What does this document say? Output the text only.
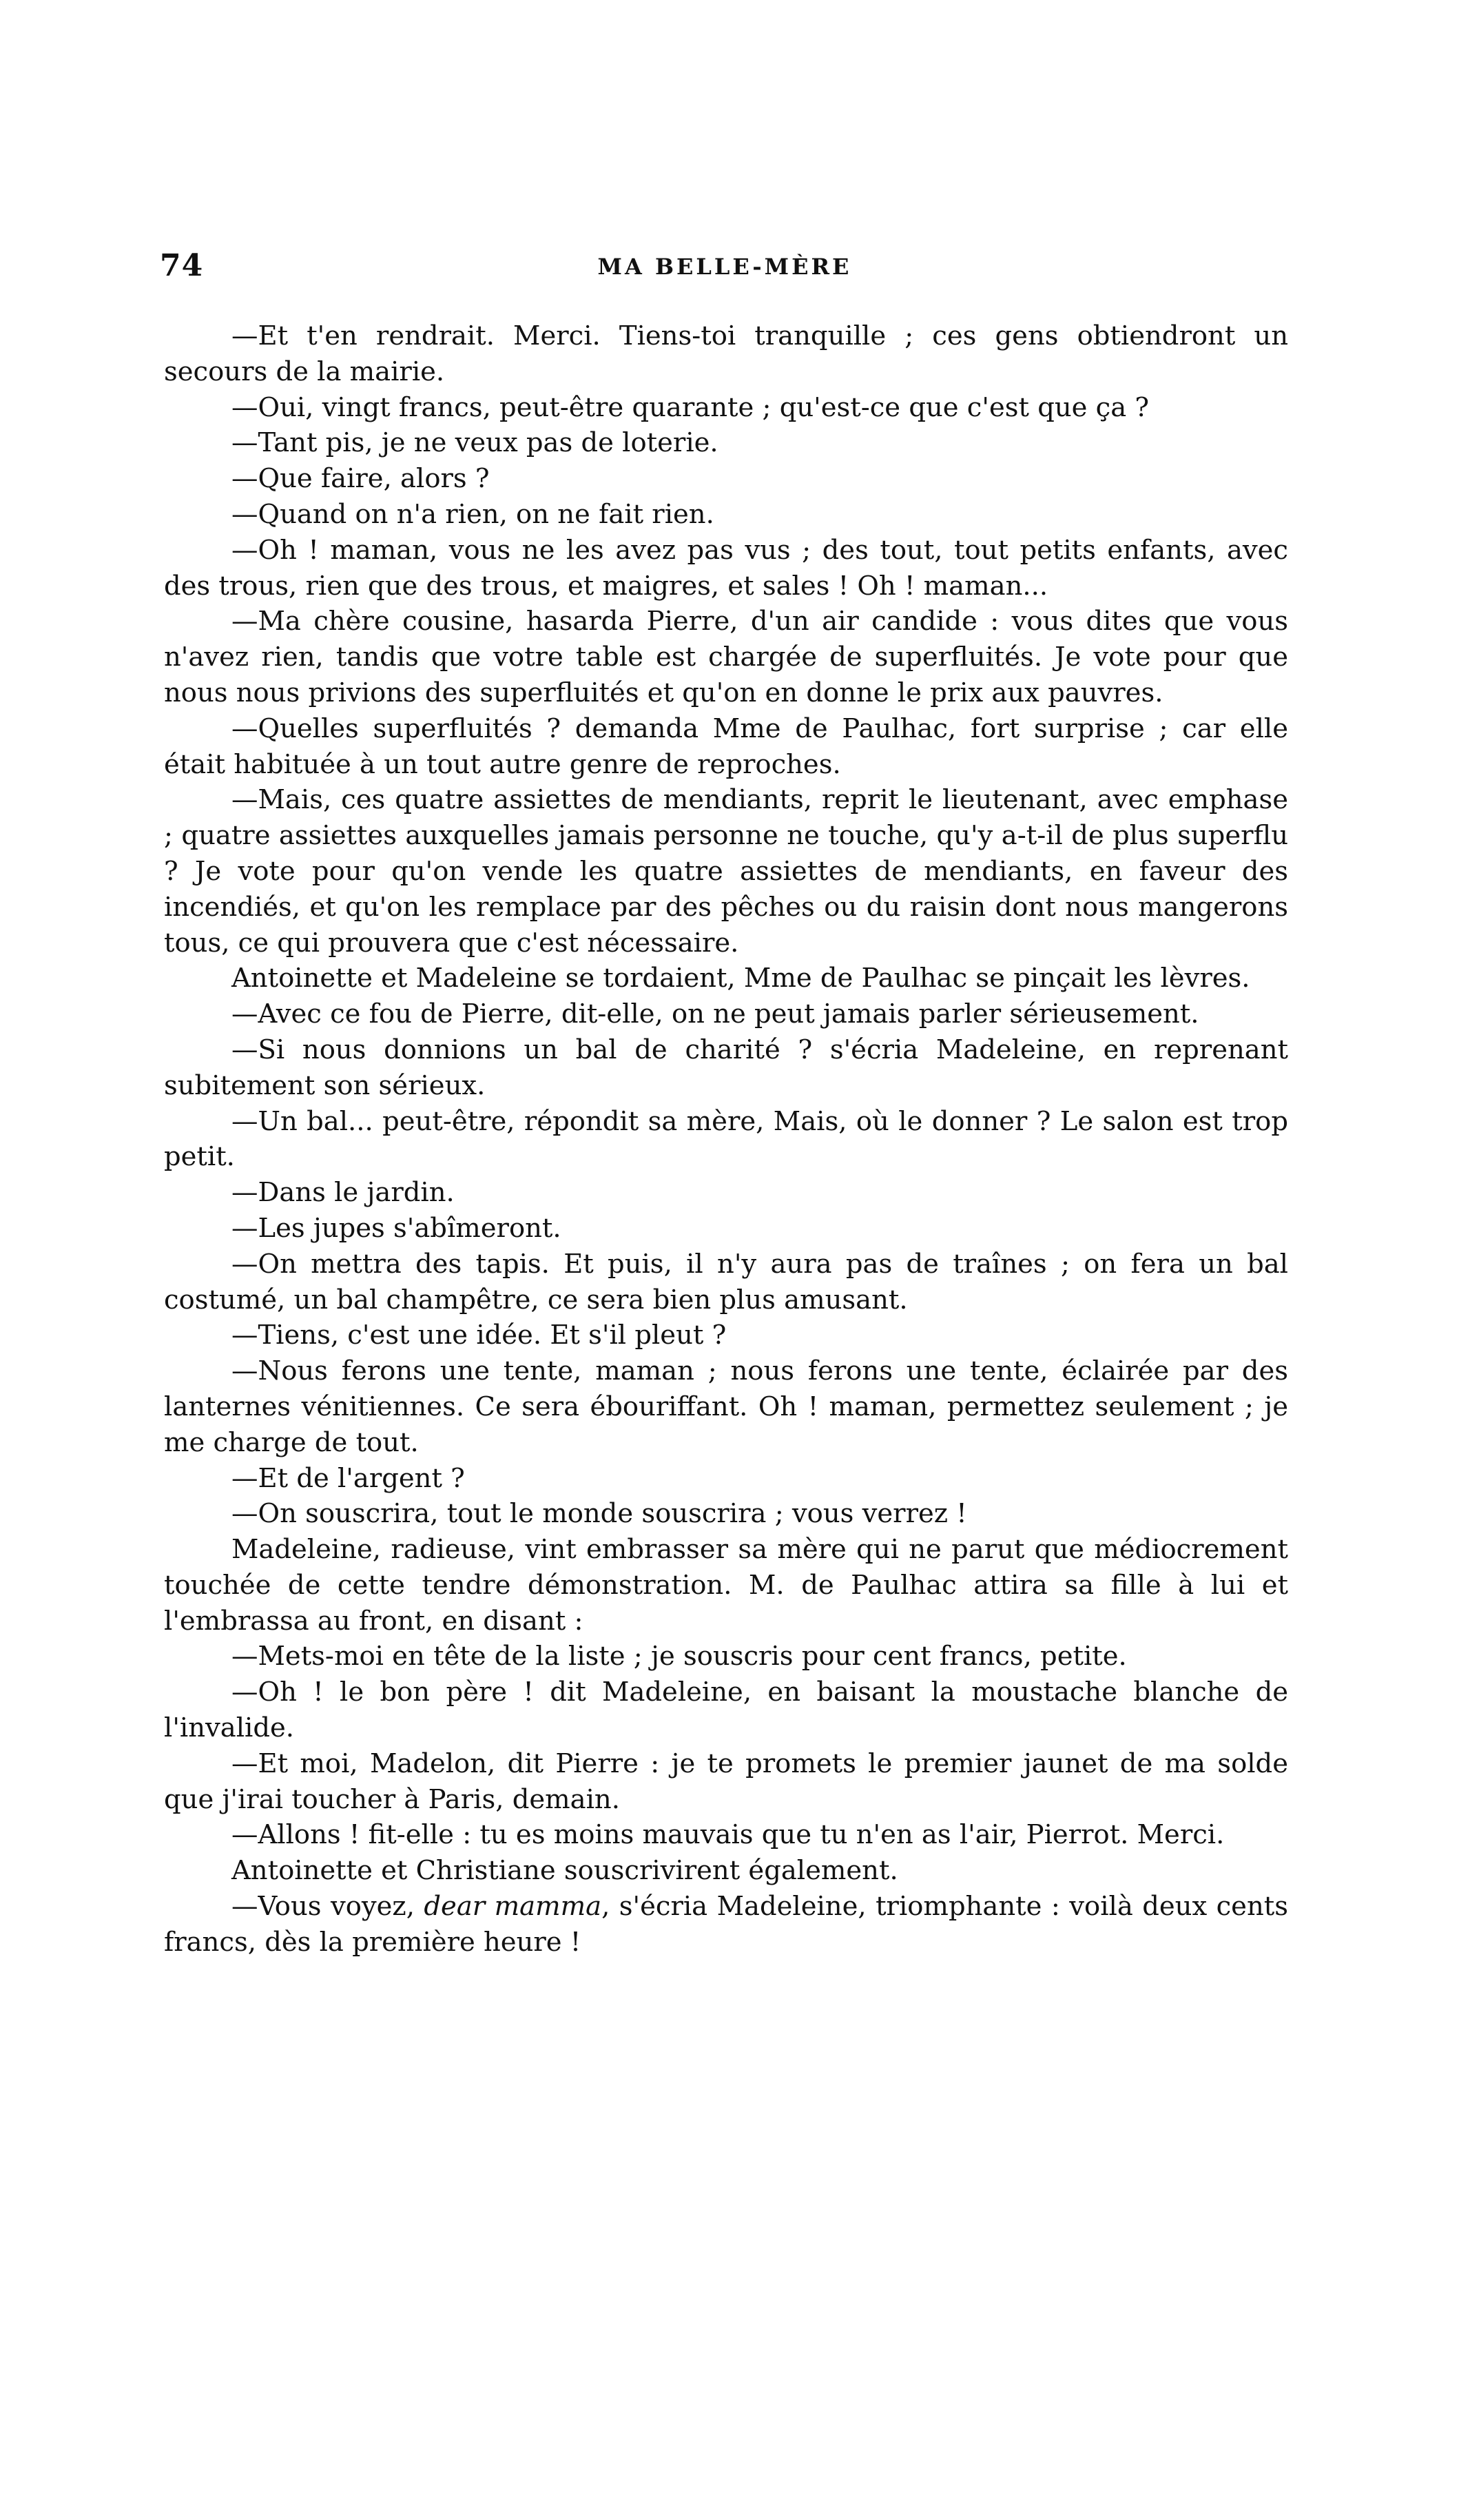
74	MA BELLE-MÈRE

—Et t'en rendrait. Merci. Tiens-toi tranquille ; ces gens obtiendront un secours de la mairie.

—Oui, vingt francs, peut-être quarante ; qu'est-ce que c'est que ça ?

—Tant pis, je ne veux pas de loterie.

—Que faire, alors ?

—Quand on n'a rien, on ne fait rien.

—Oh ! maman, vous ne les avez pas vus ; des tout, tout petits enfants, avec des trous, rien que des trous, et maigres, et sales ! Oh ! maman...

—Ma chère cousine, hasarda Pierre, d'un air candide : vous dites que vous n'avez rien, tandis que votre table est chargée de superfluités. Je vote pour que nous nous privions des superfluités et qu'on en donne le prix aux pauvres.

—Quelles superfluités ? demanda Mme de Paulhac, fort surprise ; car elle était habituée à un tout autre genre de reproches.

—Mais, ces quatre assiettes de mendiants, reprit le lieutenant, avec emphase ; quatre assiettes auxquelles jamais personne ne touche, qu'y a-t-il de plus superflu ? Je vote pour qu'on vende les quatre assiettes de mendiants, en faveur des incendiés, et qu'on les remplace par des pêches ou du raisin dont nous mangerons tous, ce qui prouvera que c'est nécessaire.

Antoinette et Madeleine se tordaient, Mme de Paulhac se pinçait les lèvres.

—Avec ce fou de Pierre, dit-elle, on ne peut jamais parler sérieusement.

—Si nous donnions un bal de charité ? s'écria Madeleine, en reprenant subitement son sérieux.

—Un bal... peut-être, répondit sa mère, Mais, où le donner ? Le salon est trop petit.

—Dans le jardin.

—Les jupes s'abîmeront.

—On mettra des tapis. Et puis, il n'y aura pas de traînes ; on fera un bal costumé, un bal champêtre, ce sera bien plus amusant.

—Tiens, c'est une idée. Et s'il pleut ?

—Nous ferons une tente, maman ; nous ferons une tente, éclairée par des lanternes vénitiennes. Ce sera ébouriffant. Oh ! maman, permettez seulement ; je me charge de tout.

—Et de l'argent ?

—On souscrira, tout le monde souscrira ; vous verrez !

Madeleine, radieuse, vint embrasser sa mère qui ne parut que médiocrement touchée de cette tendre démonstration. M. de Paulhac attira sa fille à lui et l'embrassa au front, en disant :

—Mets-moi en tête de la liste ; je souscris pour cent francs, petite.

—Oh ! le bon père ! dit Madeleine, en baisant la moustache blanche de l'invalide.

—Et moi, Madelon, dit Pierre : je te promets le premier jaunet de ma solde que j'irai toucher à Paris, demain.

—Allons ! fit-elle : tu es moins mauvais que tu n'en as l'air, Pierrot. Merci.

Antoinette et Christiane souscrivirent également.

—Vous voyez, dear mamma, s'écria Madeleine, triomphante : voilà deux cents francs, dès la première heure !
